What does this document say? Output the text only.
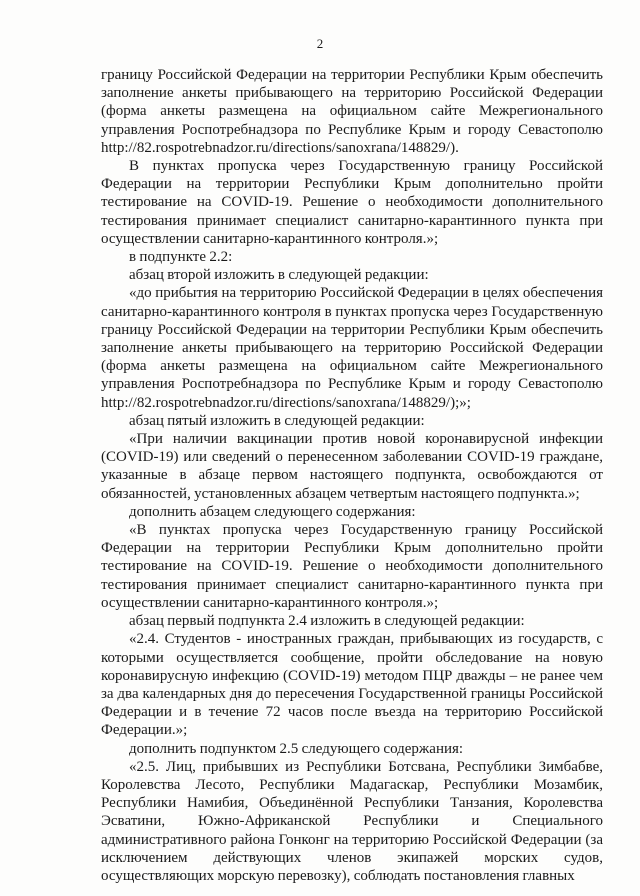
2

границу Российской Федерации на территории Республики Крым обеспечить заполнение анкеты прибывающего на территорию Российской Федерации (форма анкеты размещена на официальном сайте Межрегионального управления Роспотребнадзора по Республике Крым и городу Севастополю http://82.rospotrebnadzor.ru/directions/sanoxrana/148829/).

В пунктах пропуска через Государственную границу Российской Федерации на территории Республики Крым дополнительно пройти тестирование на COVID-19. Решение о необходимости дополнительного тестирования принимает специалист санитарно-карантинного пункта при осуществлении санитарно-карантинного контроля.»;

в подпункте 2.2:

абзац второй изложить в следующей редакции:

«до прибытия на территорию Российской Федерации в целях обеспечения санитарно-карантинного контроля в пунктах пропуска через Государственную границу Российской Федерации на территории Республики Крым обеспечить заполнение анкеты прибывающего на территорию Российской Федерации (форма анкеты размещена на официальном сайте Межрегионального управления Роспотребнадзора по Республике Крым и городу Севастополю http://82.rospotrebnadzor.ru/directions/sanoxrana/148829/);»;

абзац пятый изложить в следующей редакции:

«При наличии вакцинации против новой коронавирусной инфекции (COVID-19) или сведений о перенесенном заболевании COVID-19 граждане, указанные в абзаце первом настоящего подпункта, освобождаются от обязанностей, установленных абзацем четвертым настоящего подпункта.»;

дополнить абзацем следующего содержания:

«В пунктах пропуска через Государственную границу Российской Федерации на территории Республики Крым дополнительно пройти тестирование на COVID-19. Решение о необходимости дополнительного тестирования принимает специалист санитарно-карантинного пункта при осуществлении санитарно-карантинного контроля.»;

абзац первый подпункта 2.4 изложить в следующей редакции:

«2.4. Студентов - иностранных граждан, прибывающих из государств, с которыми осуществляется сообщение, пройти обследование на новую коронавирусную инфекцию (COVID-19) методом ПЦР дважды – не ранее чем за два календарных дня до пересечения Государственной границы Российской Федерации и в течение 72 часов после въезда на территорию Российской Федерации.»;

дополнить подпунктом 2.5 следующего содержания:

«2.5. Лиц, прибывших из Республики Ботсвана, Республики Зимбабве, Королевства Лесото, Республики Мадагаскар, Республики Мозамбик, Республики Намибия, Объединённой Республики Танзания, Королевства Эсватини, Южно-Африканской Республики и Специального административного района Гонконг на территорию Российской Федерации (за исключением действующих членов экипажей морских судов, осуществляющих морскую перевозку), соблюдать постановления главных
